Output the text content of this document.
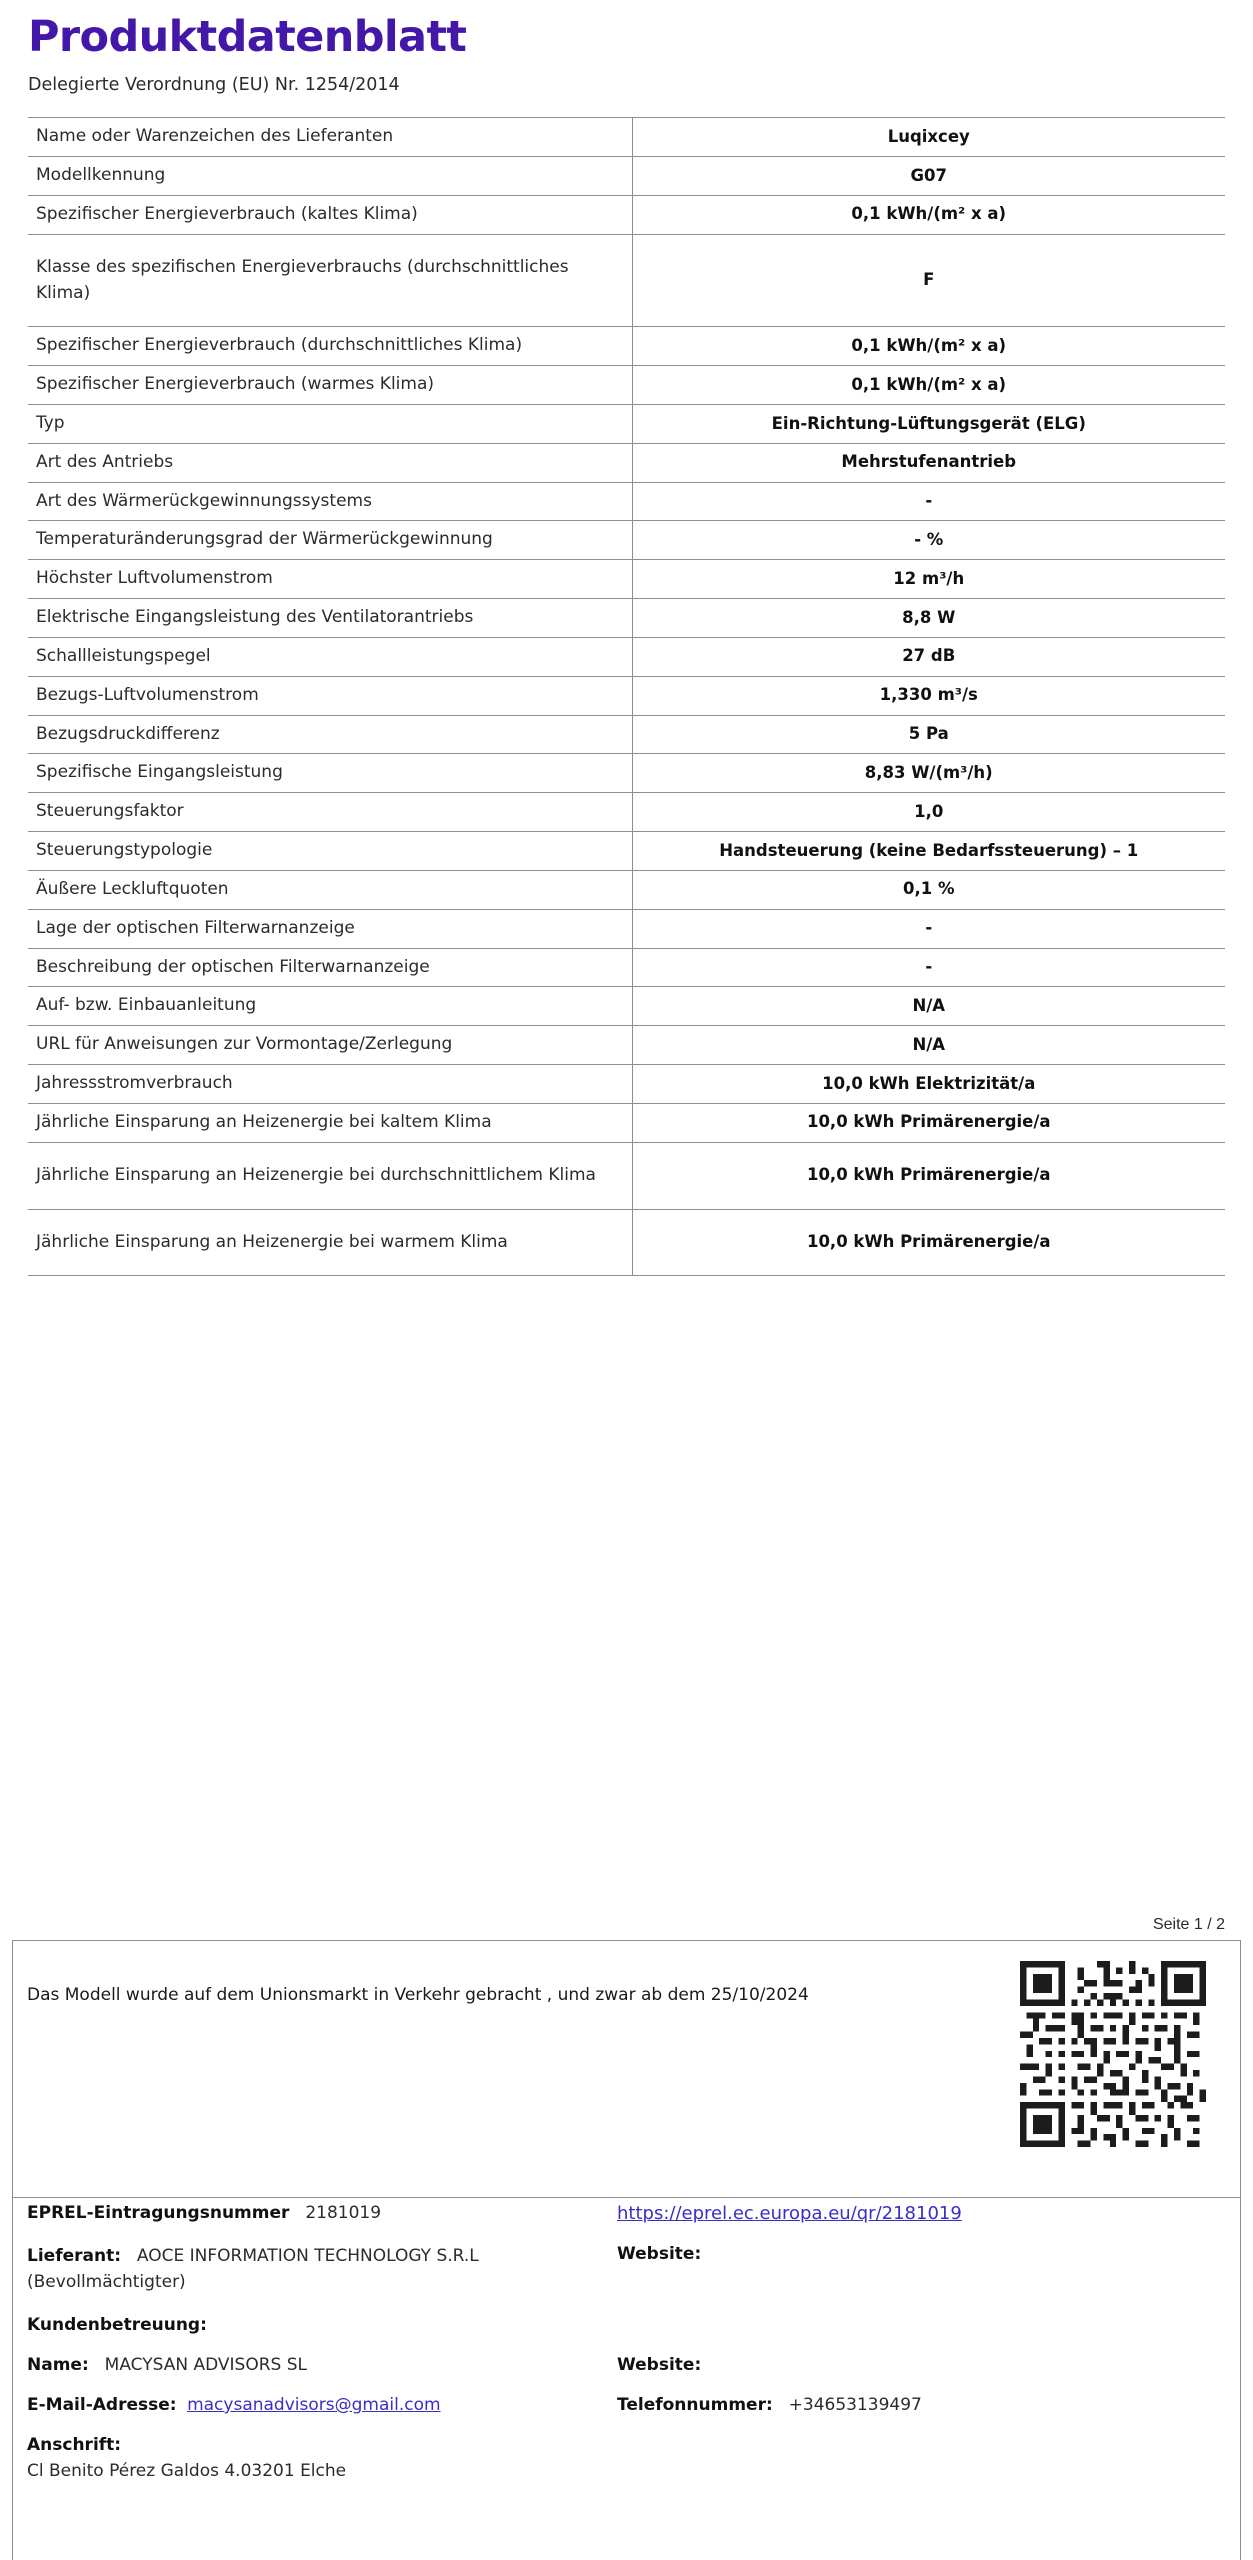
Produktdatenblatt
Delegierte Verordnung (EU) Nr. 1254/2014
Name oder Warenzeichen des Lieferanten	Luqixcey
Modellkennung	G07
Spezifischer Energieverbrauch (kaltes Klima)	0,1 kWh/(m² x a)
Klasse des spezifischen Energieverbrauchs (durchschnittliches Klima)	F
Spezifischer Energieverbrauch (durchschnittliches Klima)	0,1 kWh/(m² x a)
Spezifischer Energieverbrauch (warmes Klima)	0,1 kWh/(m² x a)
Typ	Ein-Richtung-Lüftungsgerät (ELG)
Art des Antriebs	Mehrstufenantrieb
Art des Wärmerückgewinnungssystems	-
Temperaturänderungsgrad der Wärmerückgewinnung	- %
Höchster Luftvolumenstrom	12 m³/h
Elektrische Eingangsleistung des Ventilatorantriebs	8,8 W
Schallleistungspegel	27 dB
Bezugs-Luftvolumenstrom	1,330 m³/s
Bezugsdruckdifferenz	5 Pa
Spezifische Eingangsleistung	8,83 W/(m³/h)
Steuerungsfaktor	1,0
Steuerungstypologie	Handsteuerung (keine Bedarfssteuerung) – 1
Äußere Leckluftquoten	0,1 %
Lage der optischen Filterwarnanzeige	-
Beschreibung der optischen Filterwarnanzeige	-
Auf- bzw. Einbauanleitung	N/A
URL für Anweisungen zur Vormontage/Zerlegung	N/A
Jahressstromverbrauch	10,0 kWh Elektrizität/a
Jährliche Einsparung an Heizenergie bei kaltem Klima	10,0 kWh Primärenergie/a
Jährliche Einsparung an Heizenergie bei durchschnittlichem Klima	10,0 kWh Primärenergie/a
Jährliche Einsparung an Heizenergie bei warmem Klima	10,0 kWh Primärenergie/a
Seite 1 / 2
Das Modell wurde auf dem Unionsmarkt in Verkehr gebracht , und zwar ab dem 25/10/2024
EPREL-Eintragungsnummer 2181019	https://eprel.ec.europa.eu/qr/2181019
Lieferant: AOCE INFORMATION TECHNOLOGY S.R.L (Bevollmächtigter)
Website:
Kundenbetreuung:
Name: MACYSAN ADVISORS SL	Website:
E-Mail-Adresse: macysanadvisors@gmail.com	Telefonnummer: +34653139497
Anschrift:
Cl Benito Pérez Galdos 4.03201 Elche
